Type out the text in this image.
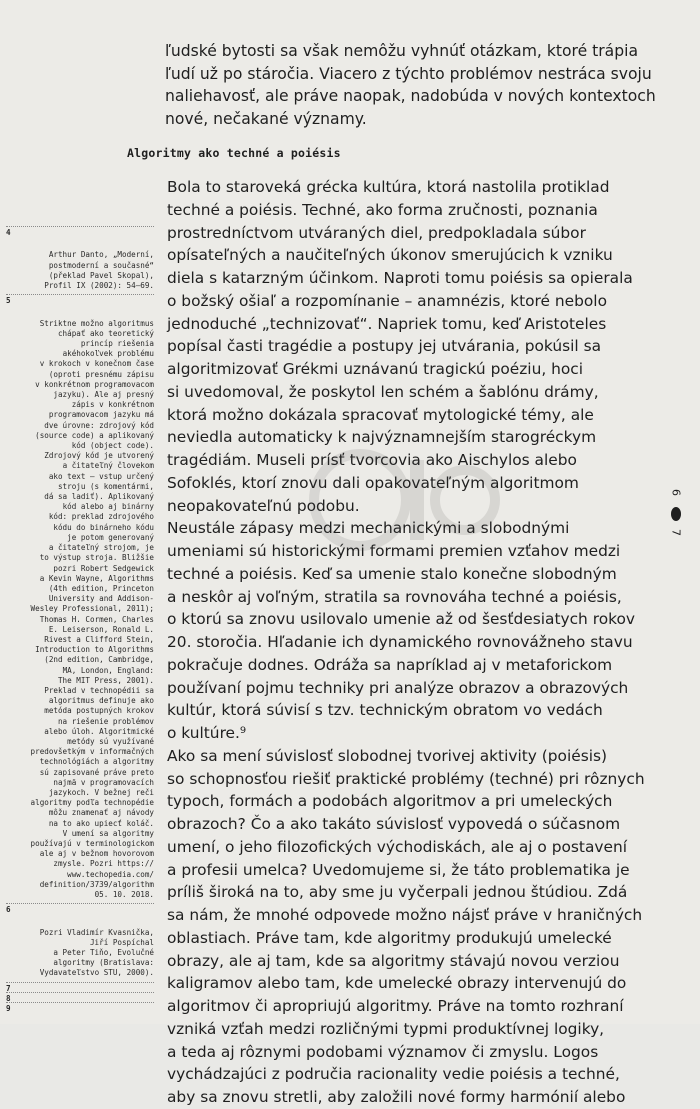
ľudské bytosti sa však nemôžu vyhnúť otázkam, ktoré trápia
ľudí už po stáročia. Viacero z týchto problémov nestráca svoju
naliehavosť, ale práve naopak, nadobúda v nových kontextoch
nové, nečakané významy.

Algoritmy ako techné a poiésis

4

Arthur Danto, „Moderní,
postmoderní a současné“
(překlad Pavel Skopal),
Profil IX (2002): 54–69.

5

Striktne možno algoritmus
chápať ako teoretický
princíp riešenia
akéhokoľvek problému
v krokoch v konečnom čase
(oproti presnému zápisu
v konkrétnom programovacom
jazyku). Ale aj presný
zápis v konkrétnom
programovacom jazyku má
dve úrovne: zdrojový kód
(source code) a aplikovaný
kód (object code).
Zdrojový kód je utvorený
a čitateľný človekom
ako text – vstup určený
stroju (s komentármi,
dá sa ladiť). Aplikovaný
kód alebo aj binárny
kód: preklad zdrojového
kódu do binárneho kódu
je potom generovaný
a čitateľný strojom, je
to výstup stroja. Bližšie
pozri Robert Sedgewick
a Kevin Wayne, Algorithms
(4th edition, Princeton
University and Addison-
Wesley Professional, 2011);
Thomas H. Cormen, Charles
E. Leiserson, Ronald L.
Rivest a Clifford Stein,
Introduction to Algorithms
(2nd edition, Cambridge,
MA, London, England:
The MIT Press, 2001).
Preklad v technopédii sa
algoritmus definuje ako
metóda postupných krokov
na riešenie problémov
alebo úloh. Algoritmické
metódy sú využívané
predovšetkým v informačných
technológiách a algoritmy
sú zapisované práve preto
najmä v programovacích
jazykoch. V bežnej reči
algoritmy podľa technopédie
môžu znamenať aj návody
na to ako upiecť koláč.
V umení sa algoritmy
používajú v terminologickom
ale aj v bežnom hovorovom
zmysle. Pozri https://
www.techopedia.com/
definition/3739/algorithm
05. 10. 2018.

6

Pozri Vladimír Kvasnička,
Jiří Pospíchal
a Peter Tiňo, Evolučné
algoritmy (Bratislava:
Vydavateľstvo STU, 2000).

7

8

9

Bola to staroveká grécka kultúra, ktorá nastolila protiklad
techné a poiésis. Techné, ako forma zručnosti, poznania
prostredníctvom utváraných diel, predpokladala súbor
opísateľných a naučiteľných úkonov smerujúcich k vzniku
diela s katarzným účinkom. Naproti tomu poiésis sa opierala
o božský ošiaľ a rozpomínanie – anamnézis, ktoré nebolo
jednoduché „technizovať“. Napriek tomu, keď Aristoteles
popísal časti tragédie a postupy jej utvárania, pokúsil sa
algoritmizovať Grékmi uznávanú tragickú poéziu, hoci
si uvedomoval, že poskytol len schém a šablónu drámy,
ktorá možno dokázala spracovať mytologické témy, ale
neviedla automaticky k najvýznamnejším starogréckym
tragédiám. Museli prísť tvorcovia ako Aischylos alebo
Sofoklés, ktorí znovu dali opakovateľným algoritmom
neopakovateľnú podobu.

Neustále zápasy medzi mechanickými a slobodnými
umeniami sú historickými formami premien vzťahov medzi
techné a poiésis. Keď sa umenie stalo konečne slobodným
a neskôr aj voľným, stratila sa rovnováha techné a poiésis,
o ktorú sa znovu usilovalo umenie až od šesťdesiatych rokov
20. storočia. Hľadanie ich dynamického rovnovážneho stavu
pokračuje dodnes. Odráža sa napríklad aj v metaforickom
používaní pojmu techniky pri analýze obrazov a obrazových
kultúr, ktorá súvisí s tzv. technickým obratom vo vedách
o kultúre.⁹

Ako sa mení súvislosť slobodnej tvorivej aktivity (poiésis)
so schopnosťou riešiť praktické problémy (techné) pri rôznych
typoch, formách a podobách algoritmov a pri umeleckých
obrazoch? Čo a ako takáto súvislosť vypovedá o súčasnom
umení, o jeho filozofických východiskách, ale aj o postavení
a profesii umelca? Uvedomujeme si, že táto problematika je
príliš široká na to, aby sme ju vyčerpali jednou štúdiou. Zdá
sa nám, že mnohé odpovede možno nájsť práve v hraničných
oblastiach. Práve tam, kde algoritmy produkujú umelecké
obrazy, ale aj tam, kde sa algoritmy stávajú novou verziou
kaligramov alebo tam, kde umelecké obrazy intervenujú do
algoritmov či apropriujú algoritmy. Práve na tomto rozhraní
vzniká vzťah medzi rozličnými typmi produktívnej logiky,
a teda aj rôznymi podobami významov či zmyslu. Logos
vychádzajúci z područia racionality vedie poiésis a techné,
aby sa znovu stretli, aby založili nové formy harmónií alebo

6
7
